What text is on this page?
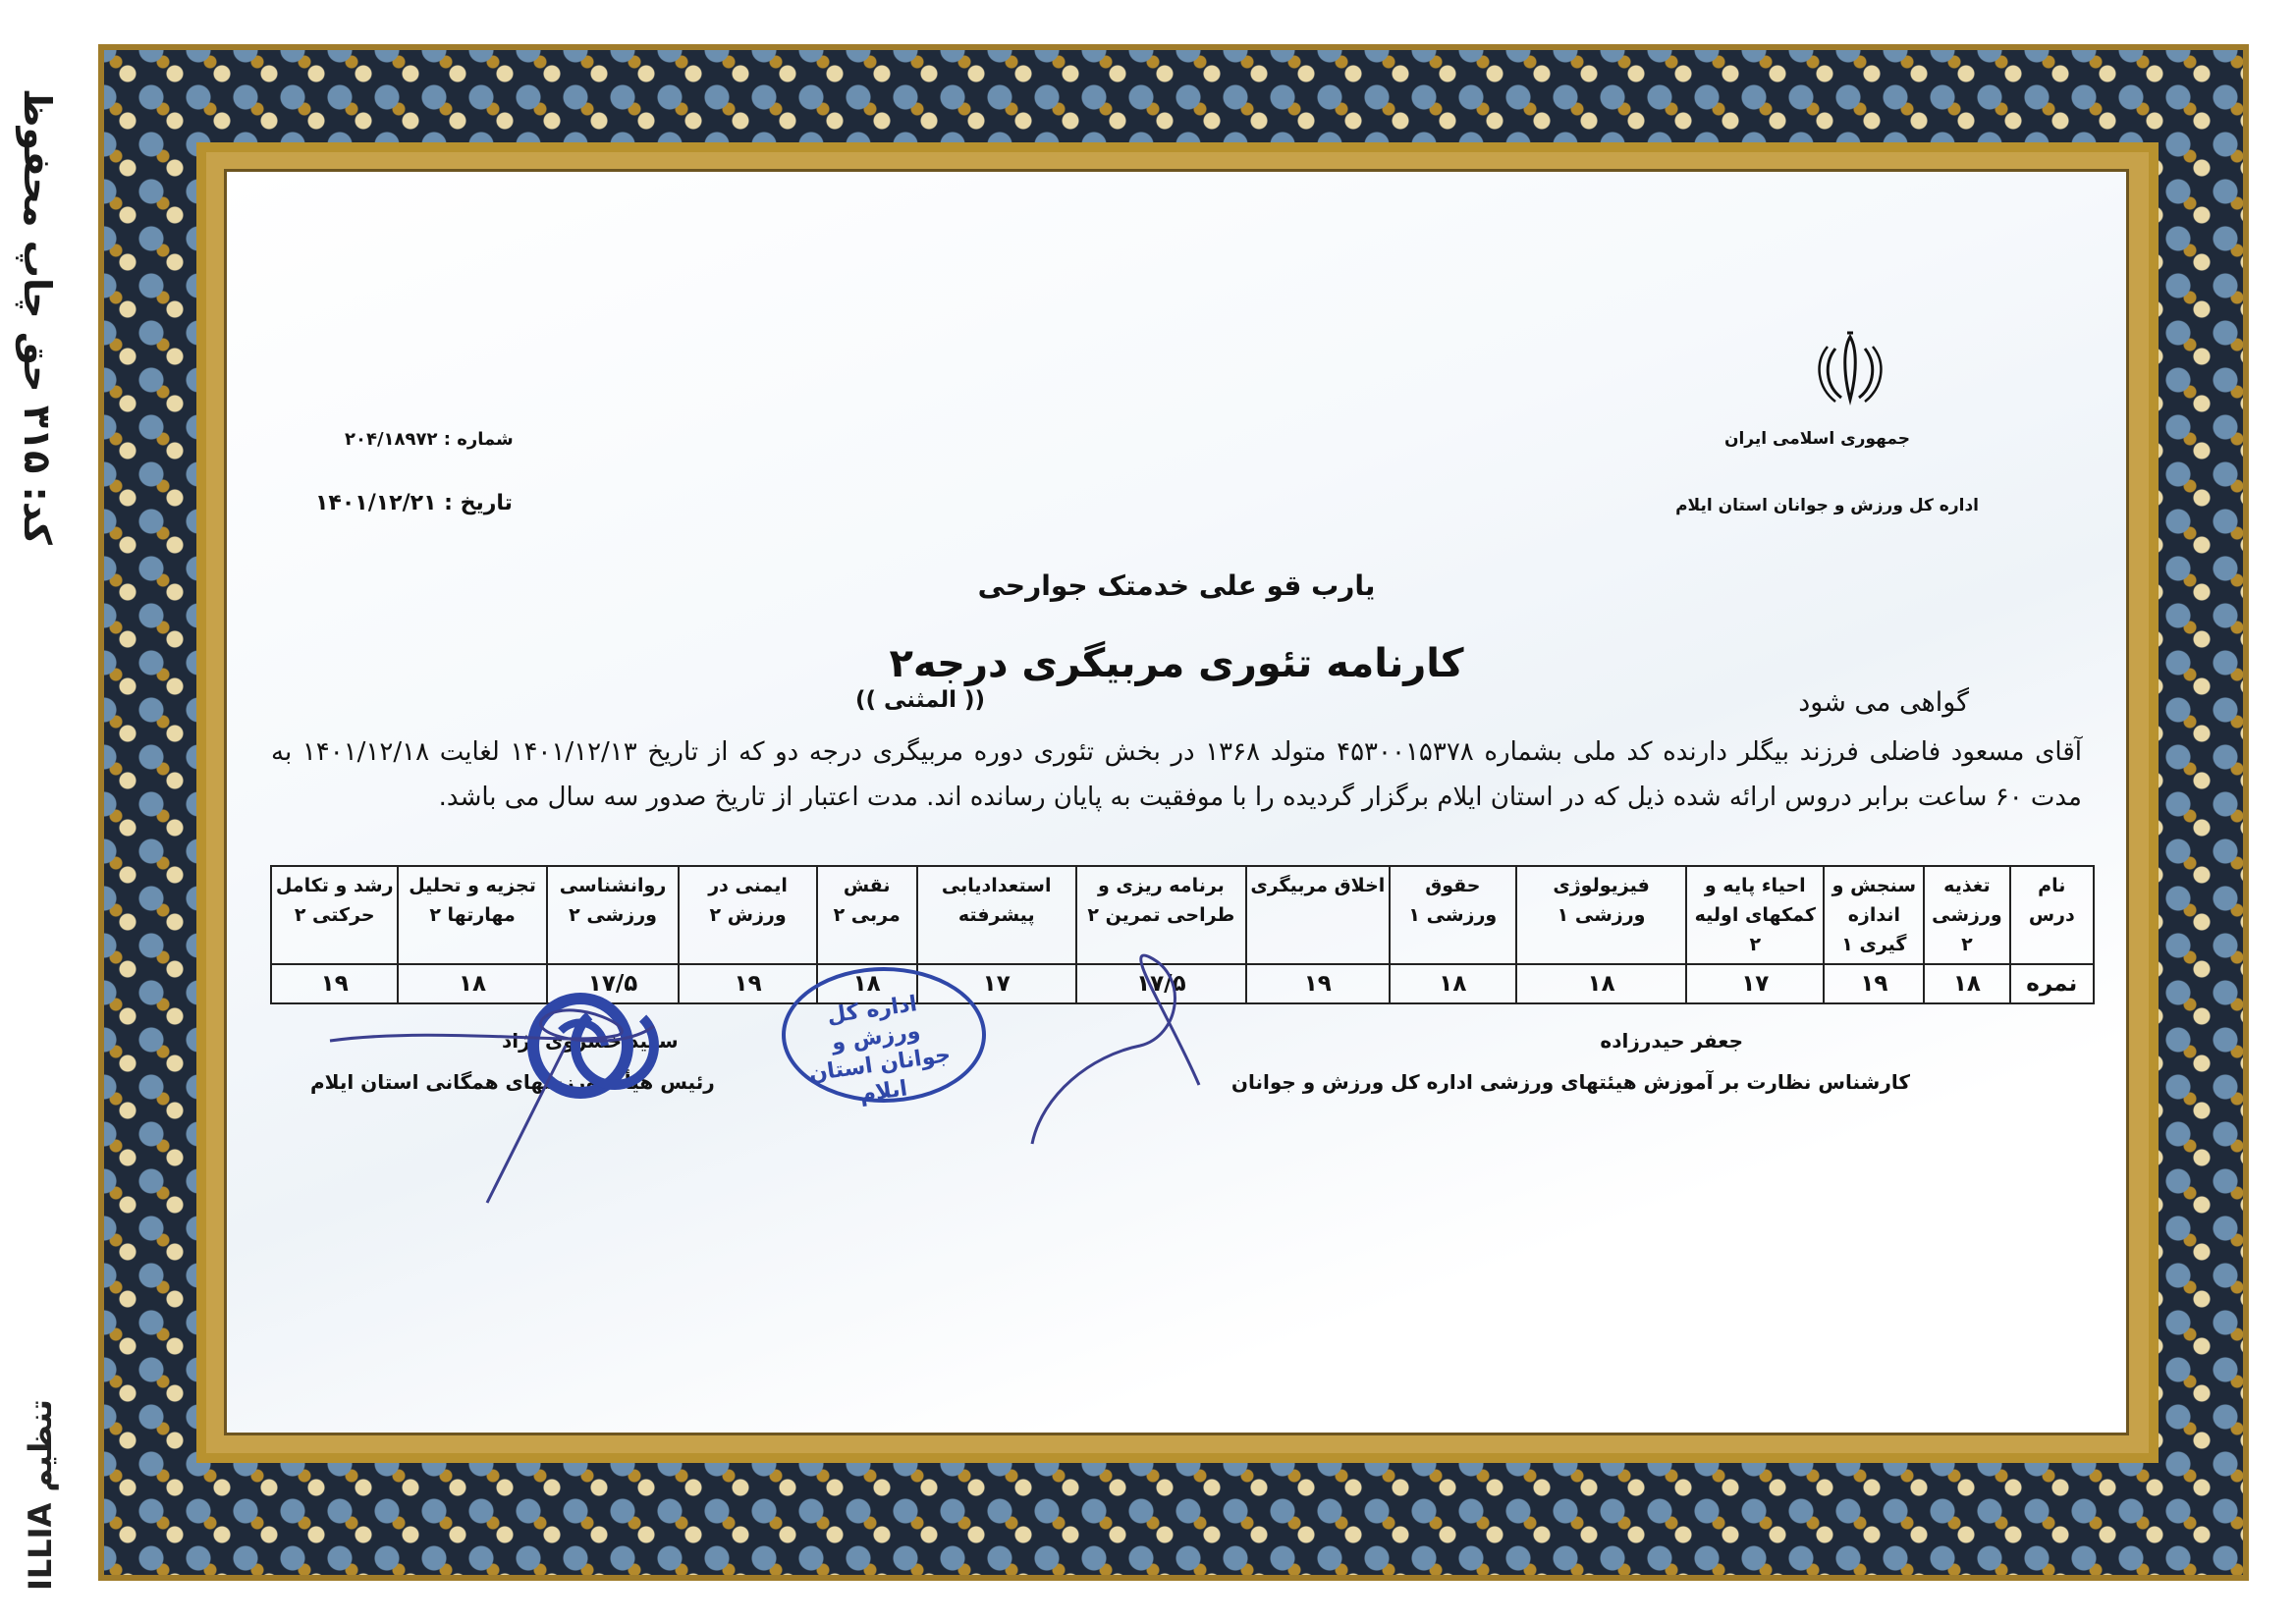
کد: ۳۱۵ حق چاپ محفوظ
تنظیم ILLIA
جمهوری اسلامی ایران
اداره کل ورزش و جوانان استان ایلام
شماره : ۲۰۴/۱۸۹۷۲
تاریخ : ۱۴۰۱/۱۲/۲۱
یارب قو علی خدمتک جوارحی
کارنامه تئوری مربیگری درجه۲
(( المثنی ))	گواهی می شود
آقای مسعود فاضلی فرزند بیگلر دارنده کد ملی بشماره ۴۵۳۰۰۱۵۳۷۸ متولد ۱۳۶۸ در بخش تئوری دوره مربیگری درجه دو که از تاریخ ۱۴۰۱/۱۲/۱۳ لغایت ۱۴۰۱/۱۲/۱۸ به مدت ۶۰ ساعت برابر دروس ارائه شده ذیل که در استان ایلام برگزار گردیده را با موفقیت به پایان رسانده اند. مدت اعتبار از تاریخ صدور سه سال می باشد.
نام درس	تغذیه ورزشی ۲	سنجش و اندازه گیری ۱	احیاء پایه و کمکهای اولیه ۲	فیزیولوژی ورزشی ۱	حقوق ورزشی ۱	اخلاق مربیگری	برنامه ریزی و طراحی تمرین ۲	استعدادیابی پیشرفته	نقش مربی ۲	ایمنی در ورزش ۲	روانشناسی ورزشی ۲	تجزیه و تحلیل مهارتها ۲	رشد و تکامل حرکتی ۲
نمره	۱۸	۱۹	۱۷	۱۸	۱۸	۱۹	۱۷/۵	۱۷	۱۸	۱۹	۱۷/۵	۱۸	۱۹
جعفر حیدرزاده
کارشناس نظارت بر آموزش هیئتهای ورزشی اداره کل ورزش و جوانان
سعید خسروی نژاد
رئیس هیأت ورزشهای همگانی استان ایلام
اداره کل ورزش و جوانان استان ایلام
